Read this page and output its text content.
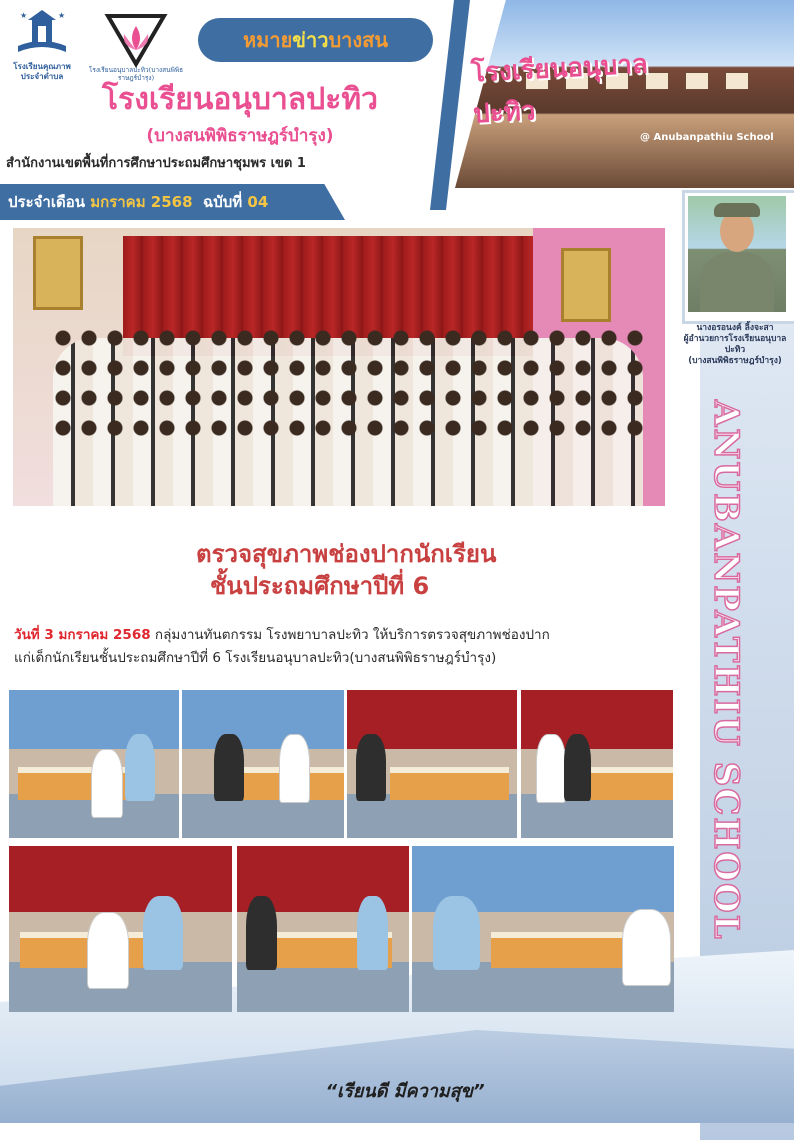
โรงเรียนอนุบาลปะทิว
@ Anubanpathiu School
★	★
โรงเรียนคุณภาพ
ประจำตำบล
โรงเรียนอนุบาลปะทิว(บางสนพิพิธราษฎร์บำรุง)
หมายข่าวบางสน
โรงเรียนอนุบาลปะทิว
(บางสนพิพิธราษฎร์บำรุง)
สำนักงานเขตพื้นที่การศึกษาประถมศึกษาชุมพร เขต 1
ประจำเดือน มกราคม 2568 ฉบับที่ 04
นางอรอนงค์ ลิ้งจะสา
ผู้อำนวยการโรงเรียนอนุบาลปะทิว
(บางสนพิพิธราษฎร์บำรุง)
ตรวจสุขภาพช่องปากนักเรียน
ชั้นประถมศึกษาปีที่ 6
วันที่ 3 มกราคม 2568 กลุ่มงานทันตกรรม โรงพยาบาลปะทิว ให้บริการตรวจสุขภาพช่องปาก
แก่เด็กนักเรียนชั้นประถมศึกษาปีที่ 6 โรงเรียนอนุบาลปะทิว(บางสนพิพิธราษฎร์บำรุง)	ANUBANPATHIU SCHOOL
“เรียนดี มีความสุข”
